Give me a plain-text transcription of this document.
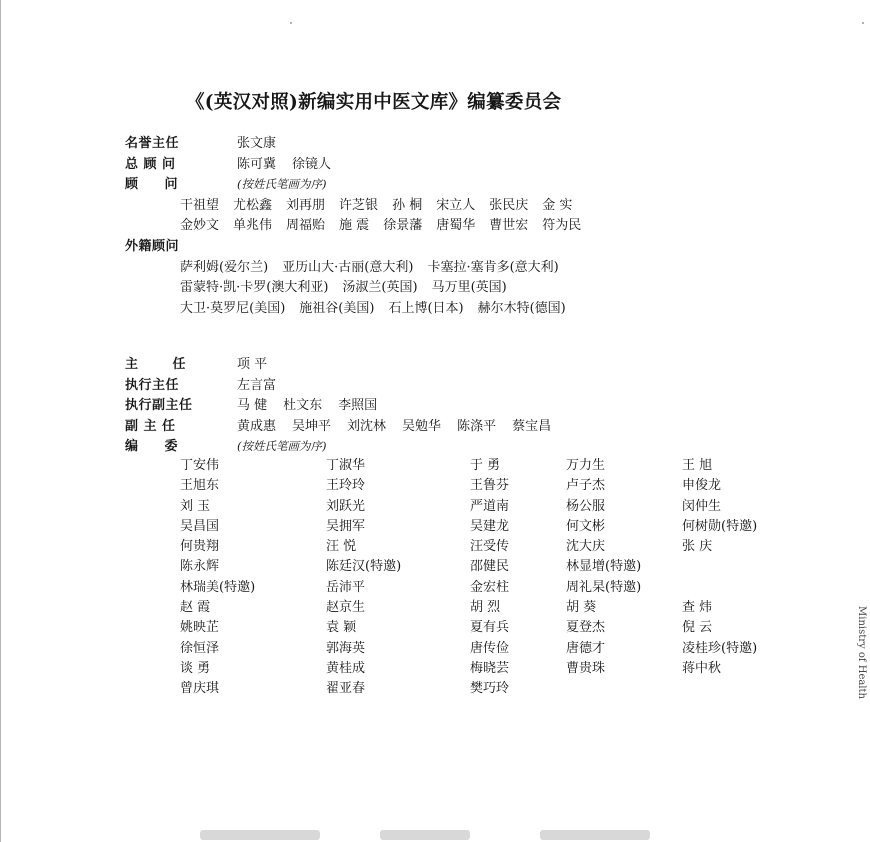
《(英汉对照)新编实用中医文库》编纂委员会
名誉主任	张文康
总 顾 问	陈可冀 徐镜人
顾 问	(按姓氏笔画为序)
干祖望 尤松鑫 刘再朋 许芝银 孙 桐 宋立人 张民庆 金 实
金妙文 单兆伟 周福贻 施 震 徐景藩 唐蜀华 曹世宏 符为民
外籍顾问
萨利姆(爱尔兰) 亚历山大·古丽(意大利) 卡塞拉·塞肯多(意大利)
雷蒙特·凯·卡罗(澳大利亚) 汤淑兰(英国) 马万里(英国)
大卫·莫罗尼(美国) 施祖谷(美国) 石上博(日本) 赫尔木特(德国)
主 任	项 平
执行主任	左言富
执行副主任	马 健 杜文东 李照国
副 主 任	黄成惠 吴坤平 刘沈林 吴勉华 陈涤平 蔡宝昌
编 委	(按姓氏笔画为序)
丁安伟	丁淑华	于 勇	万力生	王 旭
王旭东	王玲玲	王鲁芬	卢子杰	申俊龙
刘 玉	刘跃光	严道南	杨公服	闵仲生
吴昌国	吴拥军	吴建龙	何文彬	何树勋(特邀)
何贵翔	汪 悦	汪受传	沈大庆	张 庆
陈永辉	陈廷汉(特邀)	邵健民	林显增(特邀)
林瑞美(特邀)	岳沛平	金宏柱	周礼杲(特邀)
赵 霞	赵京生	胡 烈	胡 葵	查 炜
姚映芷	袁 颖	夏有兵	夏登杰	倪 云
徐恒泽	郭海英	唐传俭	唐德才	凌桂珍(特邀)
谈 勇	黄桂成	梅晓芸	曹贵珠	蒋中秋
曾庆琪	翟亚春	樊巧玲	Ministry of Health
